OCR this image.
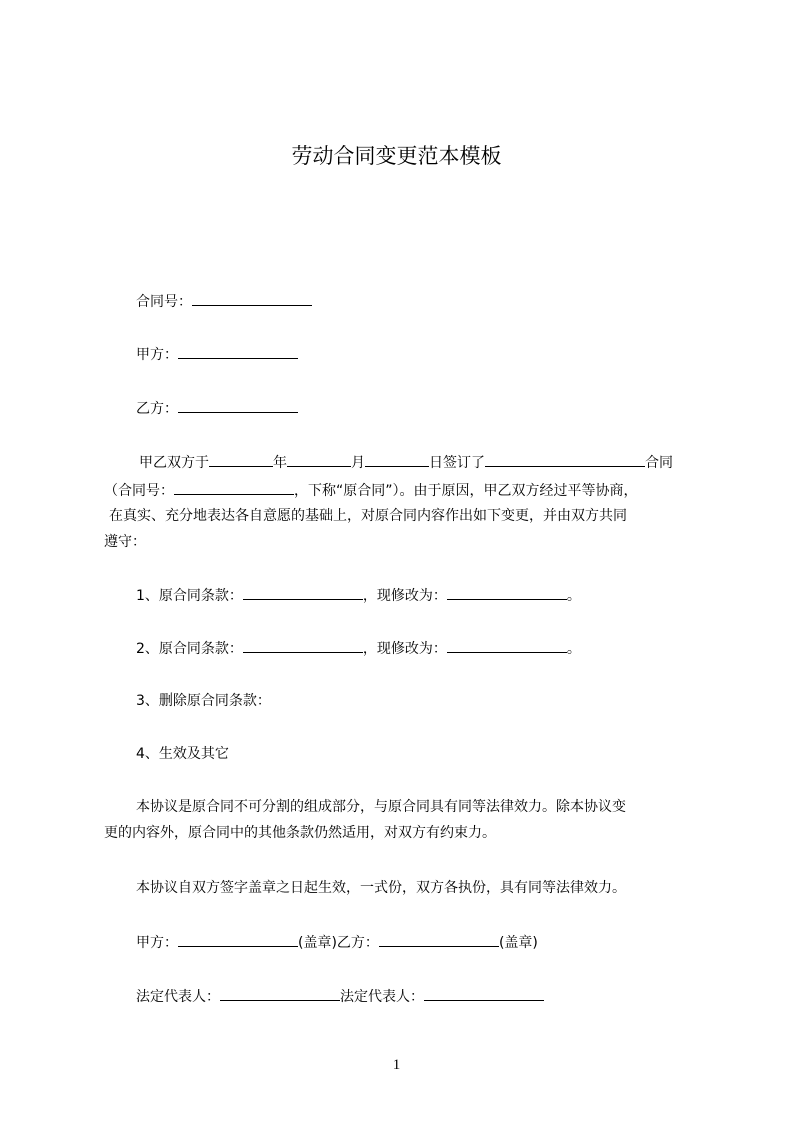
劳动合同变更范本模板
合同号：
甲方：
乙方：
甲乙双方于	年	月	日签订了	合同
（合同号：	，下称“原合同”）。由于原因，甲乙双方经过平等协商，
在真实、充分地表达各自意愿的基础上，对原合同内容作出如下变更，并由双方共同
遵守：
1、原合同条款：	，现修改为：	。
2、原合同条款：	，现修改为：	。
3、删除原合同条款：
4、生效及其它
本协议是原合同不可分割的组成部分，与原合同具有同等法律效力。除本协议变
更的内容外，原合同中的其他条款仍然适用，对双方有约束力。
本协议自双方签字盖章之日起生效，一式份，双方各执份，具有同等法律效力。
甲方：	(盖章)乙方：	(盖章)
法定代表人：	法定代表人：
1
